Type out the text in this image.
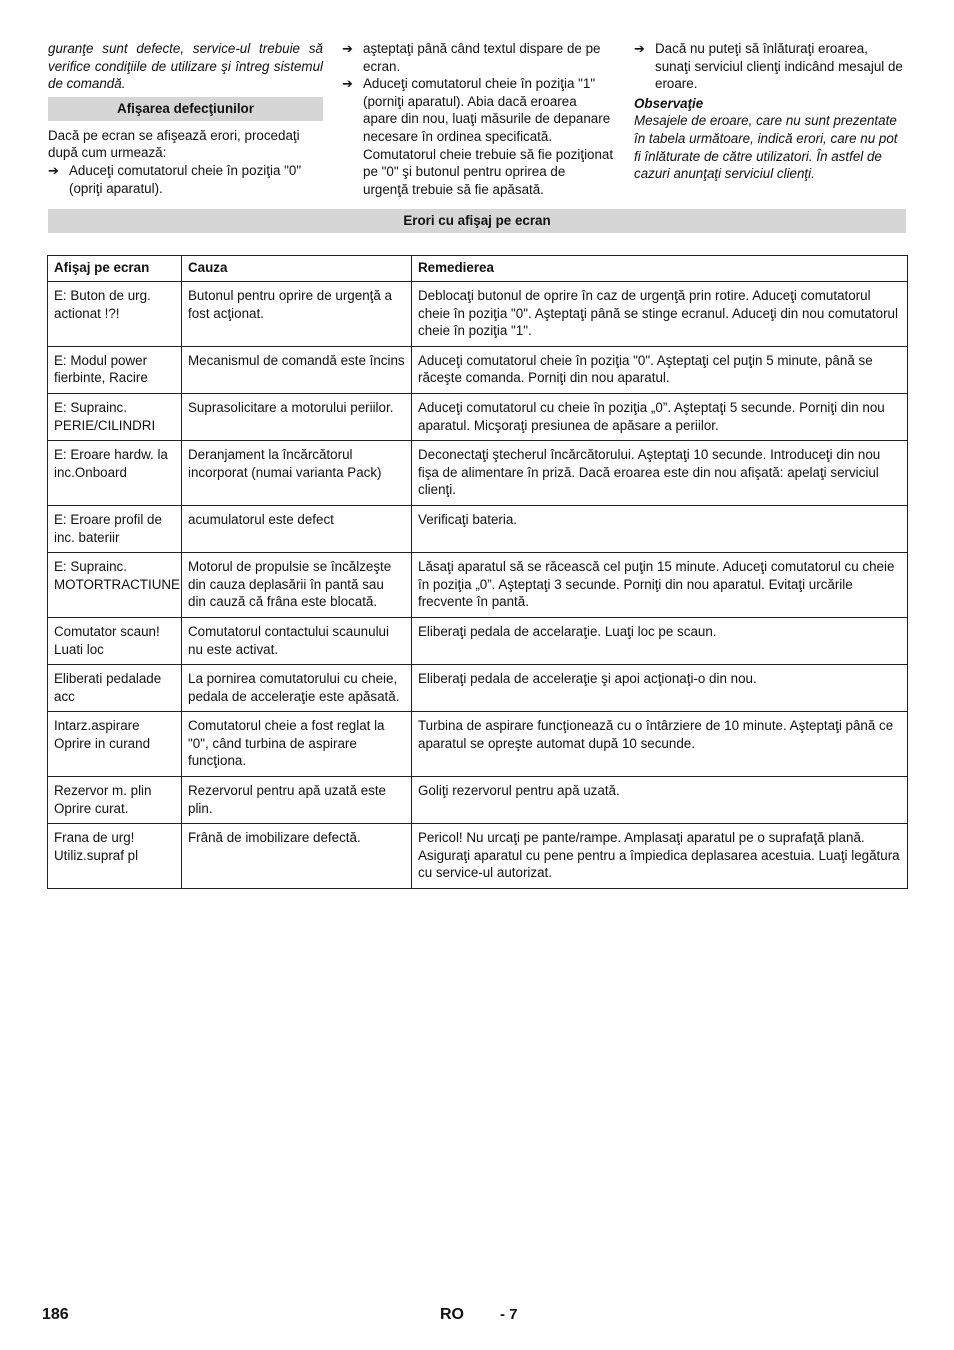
guranţe sunt defecte, service-ul trebuie să verifice condiţiile de utilizare şi întreg sistemul de comandă.

Afişarea defecţiunilor

Dacă pe ecran se afişează erori, procedaţi după cum urmează:

➔ Aduceţi comutatorul cheie în poziţia "0" (opriţi aparatul).
➔ aşteptaţi până când textul dispare de pe ecran.
➔ Aduceţi comutatorul cheie în poziţia "1" (porniţi aparatul). Abia dacă eroarea apare din nou, luaţi măsurile de depanare necesare în ordinea specificată. Comutatorul cheie trebuie să fie poziţionat pe "0" şi butonul pentru oprirea de urgenţă trebuie să fie apăsată.
➔ Dacă nu puteţi să înlăturaţi eroarea, sunaţi serviciul clienţi indicând mesajul de eroare.

Observaţie

Mesajele de eroare, care nu sunt prezentate în tabela următoare, indică erori, care nu pot fi înlăturate de către utilizatori. În astfel de cazuri anunţaţi serviciul clienţi.

Erori cu afişaj pe ecran
Afişaj pe ecran	Cauza	Remedierea
E: Buton de urg. actionat !?!	Butonul pentru oprire de urgenţă a fost acţionat.	Deblocaţi butonul de oprire în caz de urgenţă prin rotire. Aduceţi comutatorul cheie în poziţia "0". Aşteptaţi până se stinge ecranul. Aduceţi din nou comutatorul cheie în poziţia "1".
E: Modul power fierbinte, Racire	Mecanismul de comandă este încins	Aduceţi comutatorul cheie în poziţia "0". Aşteptaţi cel puţin 5 minute, până se răceşte comanda. Porniţi din nou aparatul.
E: Suprainc. PERIE/CILINDRI	Suprasolicitare a motorului periilor.	Aduceţi comutatorul cu cheie în poziţia „0”. Aşteptaţi 5 secunde. Porniţi din nou aparatul. Micşoraţi presiunea de apăsare a periilor.
E: Eroare hardw. la inc.Onboard	Deranjament la încărcătorul incorporat (numai varianta Pack)	Deconectaţi ştecherul încărcătorului. Aşteptaţi 10 secunde. Introduceţi din nou fişa de alimentare în priză. Dacă eroarea este din nou afişată: apelaţi serviciul clienţi.
E: Eroare profil de inc. bateriir	acumulatorul este defect	Verificaţi bateria.
E: Suprainc. MOTORTRACTIUNE	Motorul de propulsie se încălzeşte din cauza deplasării în pantă sau din cauză că frâna este blocată.	Lăsaţi aparatul să se răcească cel puţin 15 minute. Aduceţi comutatorul cu cheie în poziţia „0”. Aşteptaţi 3 secunde. Porniţi din nou aparatul. Evitaţi urcările frecvente în pantă.
Comutator scaun! Luati loc	Comutatorul contactului scaunului nu este activat.	Eliberaţi pedala de accelaraţie. Luaţi loc pe scaun.
Eliberati pedalade acc	La pornirea comutatorului cu cheie, pedala de acceleraţie este apăsată.	Eliberaţi pedala de acceleraţie şi apoi acţionaţi-o din nou.
Intarz.aspirare Oprire in curand	Comutatorul cheie a fost reglat la "0", când turbina de aspirare funcţiona.	Turbina de aspirare funcţionează cu o întârziere de 10 minute. Aşteptaţi până ce aparatul se opreşte automat după 10 secunde.
Rezervor m. plin Oprire curat.	Rezervorul pentru apă uzată este plin.	Goliţi rezervorul pentru apă uzată.
Frana de urg! Utiliz.supraf pl	Frână de imobilizare defectă.	Pericol! Nu urcaţi pe pante/rampe. Amplasaţi aparatul pe o suprafaţă plană. Asiguraţi aparatul cu pene pentru a împiedica deplasarea acestuia. Luaţi legătura cu service-ul autorizat.
186	RO - 7
